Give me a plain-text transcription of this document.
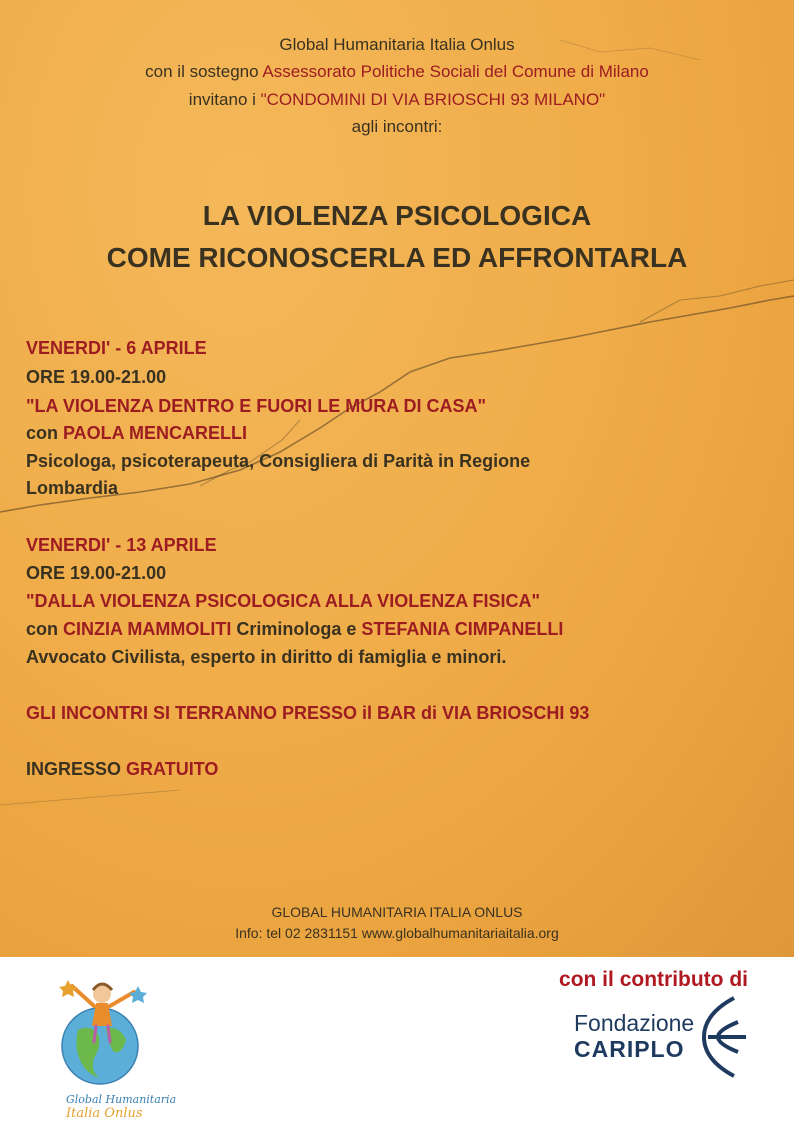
Global Humanitaria Italia Onlus
con il sostegno Assessorato Politiche Sociali del Comune di Milano
invitano i "CONDOMINI DI VIA BRIOSCHI 93 MILANO"
agli incontri:
LA VIOLENZA PSICOLOGICA
COME RICONOSCERLA ED AFFRONTARLA
VENERDI' - 6 APRILE
ORE 19.00-21.00
"LA VIOLENZA DENTRO E FUORI LE MURA DI CASA"
con PAOLA MENCARELLI
Psicologa, psicoterapeuta, Consigliera di Parità in Regione
Lombardia
VENERDI' - 13 APRILE
ORE 19.00-21.00
"DALLA VIOLENZA PSICOLOGICA ALLA VIOLENZA FISICA"
con CINZIA MAMMOLITI Criminologa e STEFANIA CIMPANELLI
Avvocato Civilista, esperto in diritto di famiglia e minori.
GLI INCONTRI SI TERRANNO PRESSO il BAR di VIA BRIOSCHI 93
INGRESSO GRATUITO
GLOBAL HUMANITARIA ITALIA ONLUS
Info: tel 02 2831151 www.globalhumanitariaitalia.org
Global Humanitaria
Italia Onlus
con il contributo di
Fondazione
CARIPLO
